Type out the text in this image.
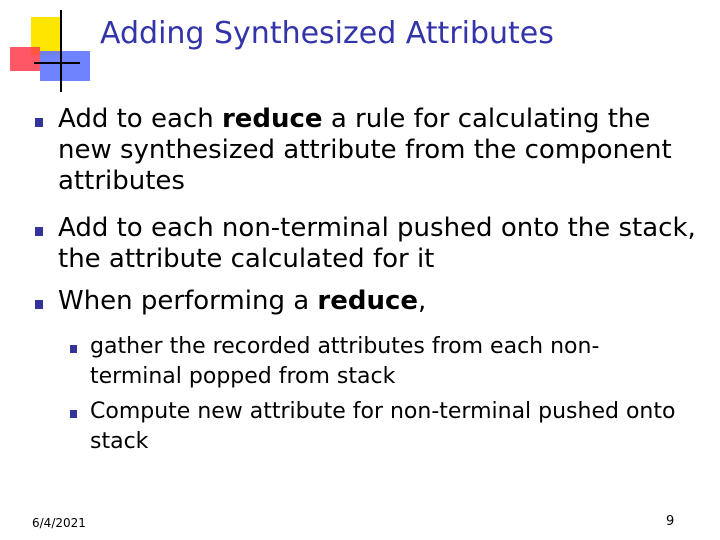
Adding Synthesized Attributes
Add to each reduce a rule for calculating the new synthesized attribute from the component attributes
Add to each non-terminal pushed onto the stack, the attribute calculated for it
When performing a reduce,
gather the recorded attributes from each non-terminal popped from stack
Compute new attribute for non-terminal pushed onto stack
6/4/2021	9
